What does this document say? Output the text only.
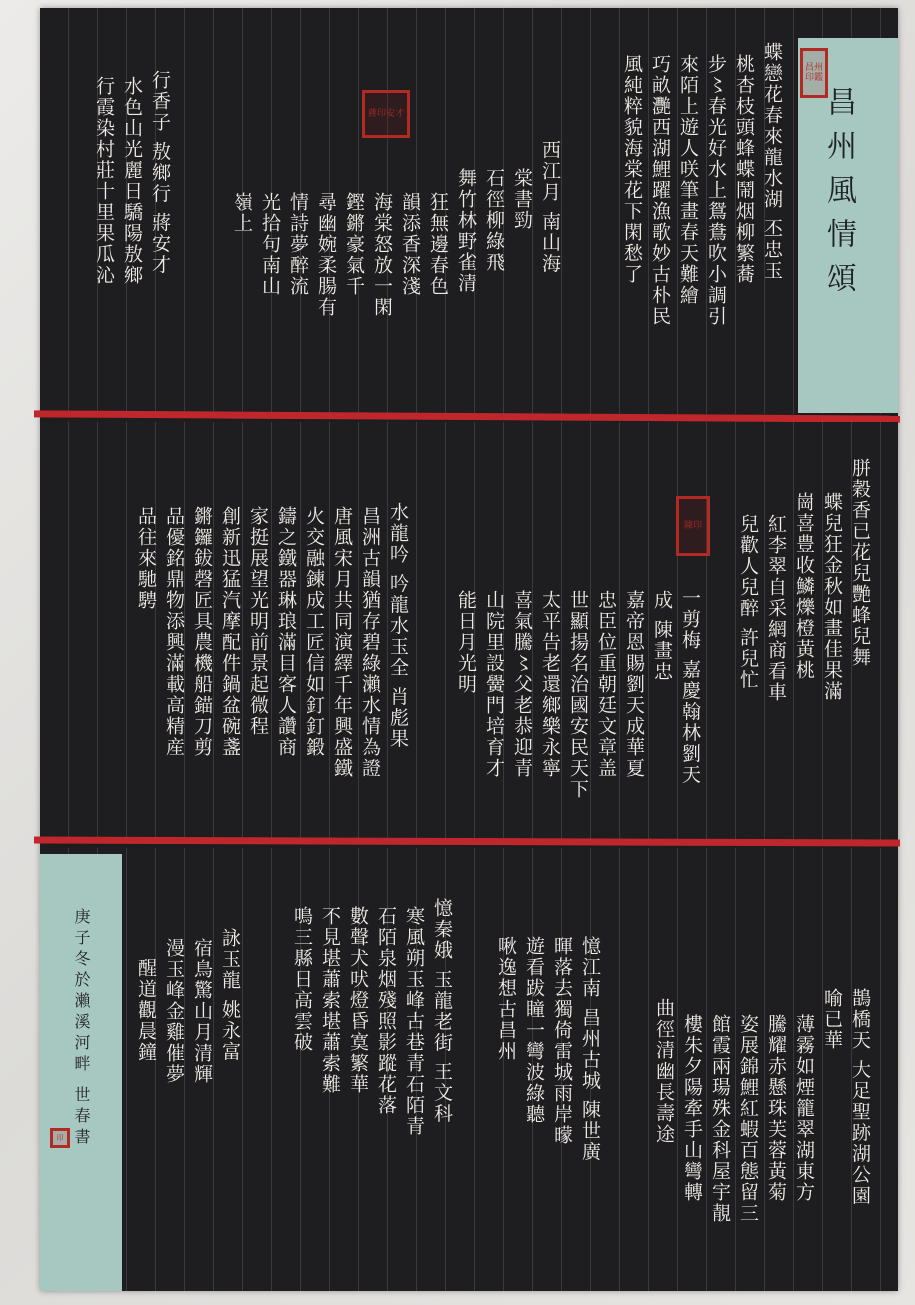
昌州風情頌
昌州印鑑
蝶戀花春來龍水湖 丕忠玉
桃杏枝頭蜂蝶鬧烟柳繁蕎
步〻春光好水上鴛鴦吹小調引
來陌上遊人咲筆畫春天難繪
巧畝灧西湖鯉躍漁歌妙古朴民
風純粹貌海棠花下閑愁了
西江月 南山海
棠書勁
石徑柳綠飛
舞竹林野雀清
狂無邊春色
韻添香深淺
海棠怒放一閑
鏗鏘豪氣千
尋幽婉柔腸有
情詩夢醉流
光拾句南山
嶺上
蔣印安才
行香子 敖鄉行 蔣安才
水色山光麗日驕陽敖鄉
行霞染村莊十里果瓜沁
胼穀香已花兒艷蜂兒舞
蝶兒狂金秋如畫佳果滿
崗喜豊收鱗爍橙黃桃
紅李翠自采網商看車
兒歡人兒醉 許兒忙
陳印
一剪梅 嘉慶翰林劉天
成 陳畫忠
嘉帝恩賜劉天成華夏
忠臣位重朝廷文章盖
世顯揚名治國安民天下
太平告老還鄉樂永寧
喜氣騰〻父老恭迎青
山院里設黌門培育才
能日月光明
水龍吟 吟龍水玉全 肖彪果
昌洲古韻猶存碧綠瀨水情為證
唐風宋月共同演繹千年興盛鐵
火交融鍊成工匠信如釘釘鍛
鑄之鐵器琳琅滿目客人讚商
家挺展望光明前景起微程
創新迅猛汽摩配件鍋盆碗盞
鏘鑼鈸磬匠具農機船錨刀剪
品優銘鼎物添興滿載高精産
品往來馳騁
庚子冬於瀨溪河畔 世春書
印	鵲橋天 大足聖跡湖公園
喻已華
薄霧如煙籠翠湖東方
騰耀赤懸珠芙蓉黃菊
姿展錦鯉紅蝦百態留三
館霞兩瑒殊金科屋宇靚
樓朱夕陽牽手山彎轉
曲徑清幽長壽途
憶江南 昌州古城 陳世廣
暉落去獨倚雷城雨岸曚
遊看跋瞳一彎波綠聽
啾逸想古昌州
憶秦娥 玉龍老街 王文科
寒風朔玉峰古巷青石陌青
石陌泉烟殘照影蹤花落
數聲犬吠燈昏寞繁華
不見堪蕭索堪蕭索難
鳴三縣日高雲破
詠玉龍 姚永富
宿鳥驚山月清輝
漫玉峰金雞催夢
醒道觀晨鐘
